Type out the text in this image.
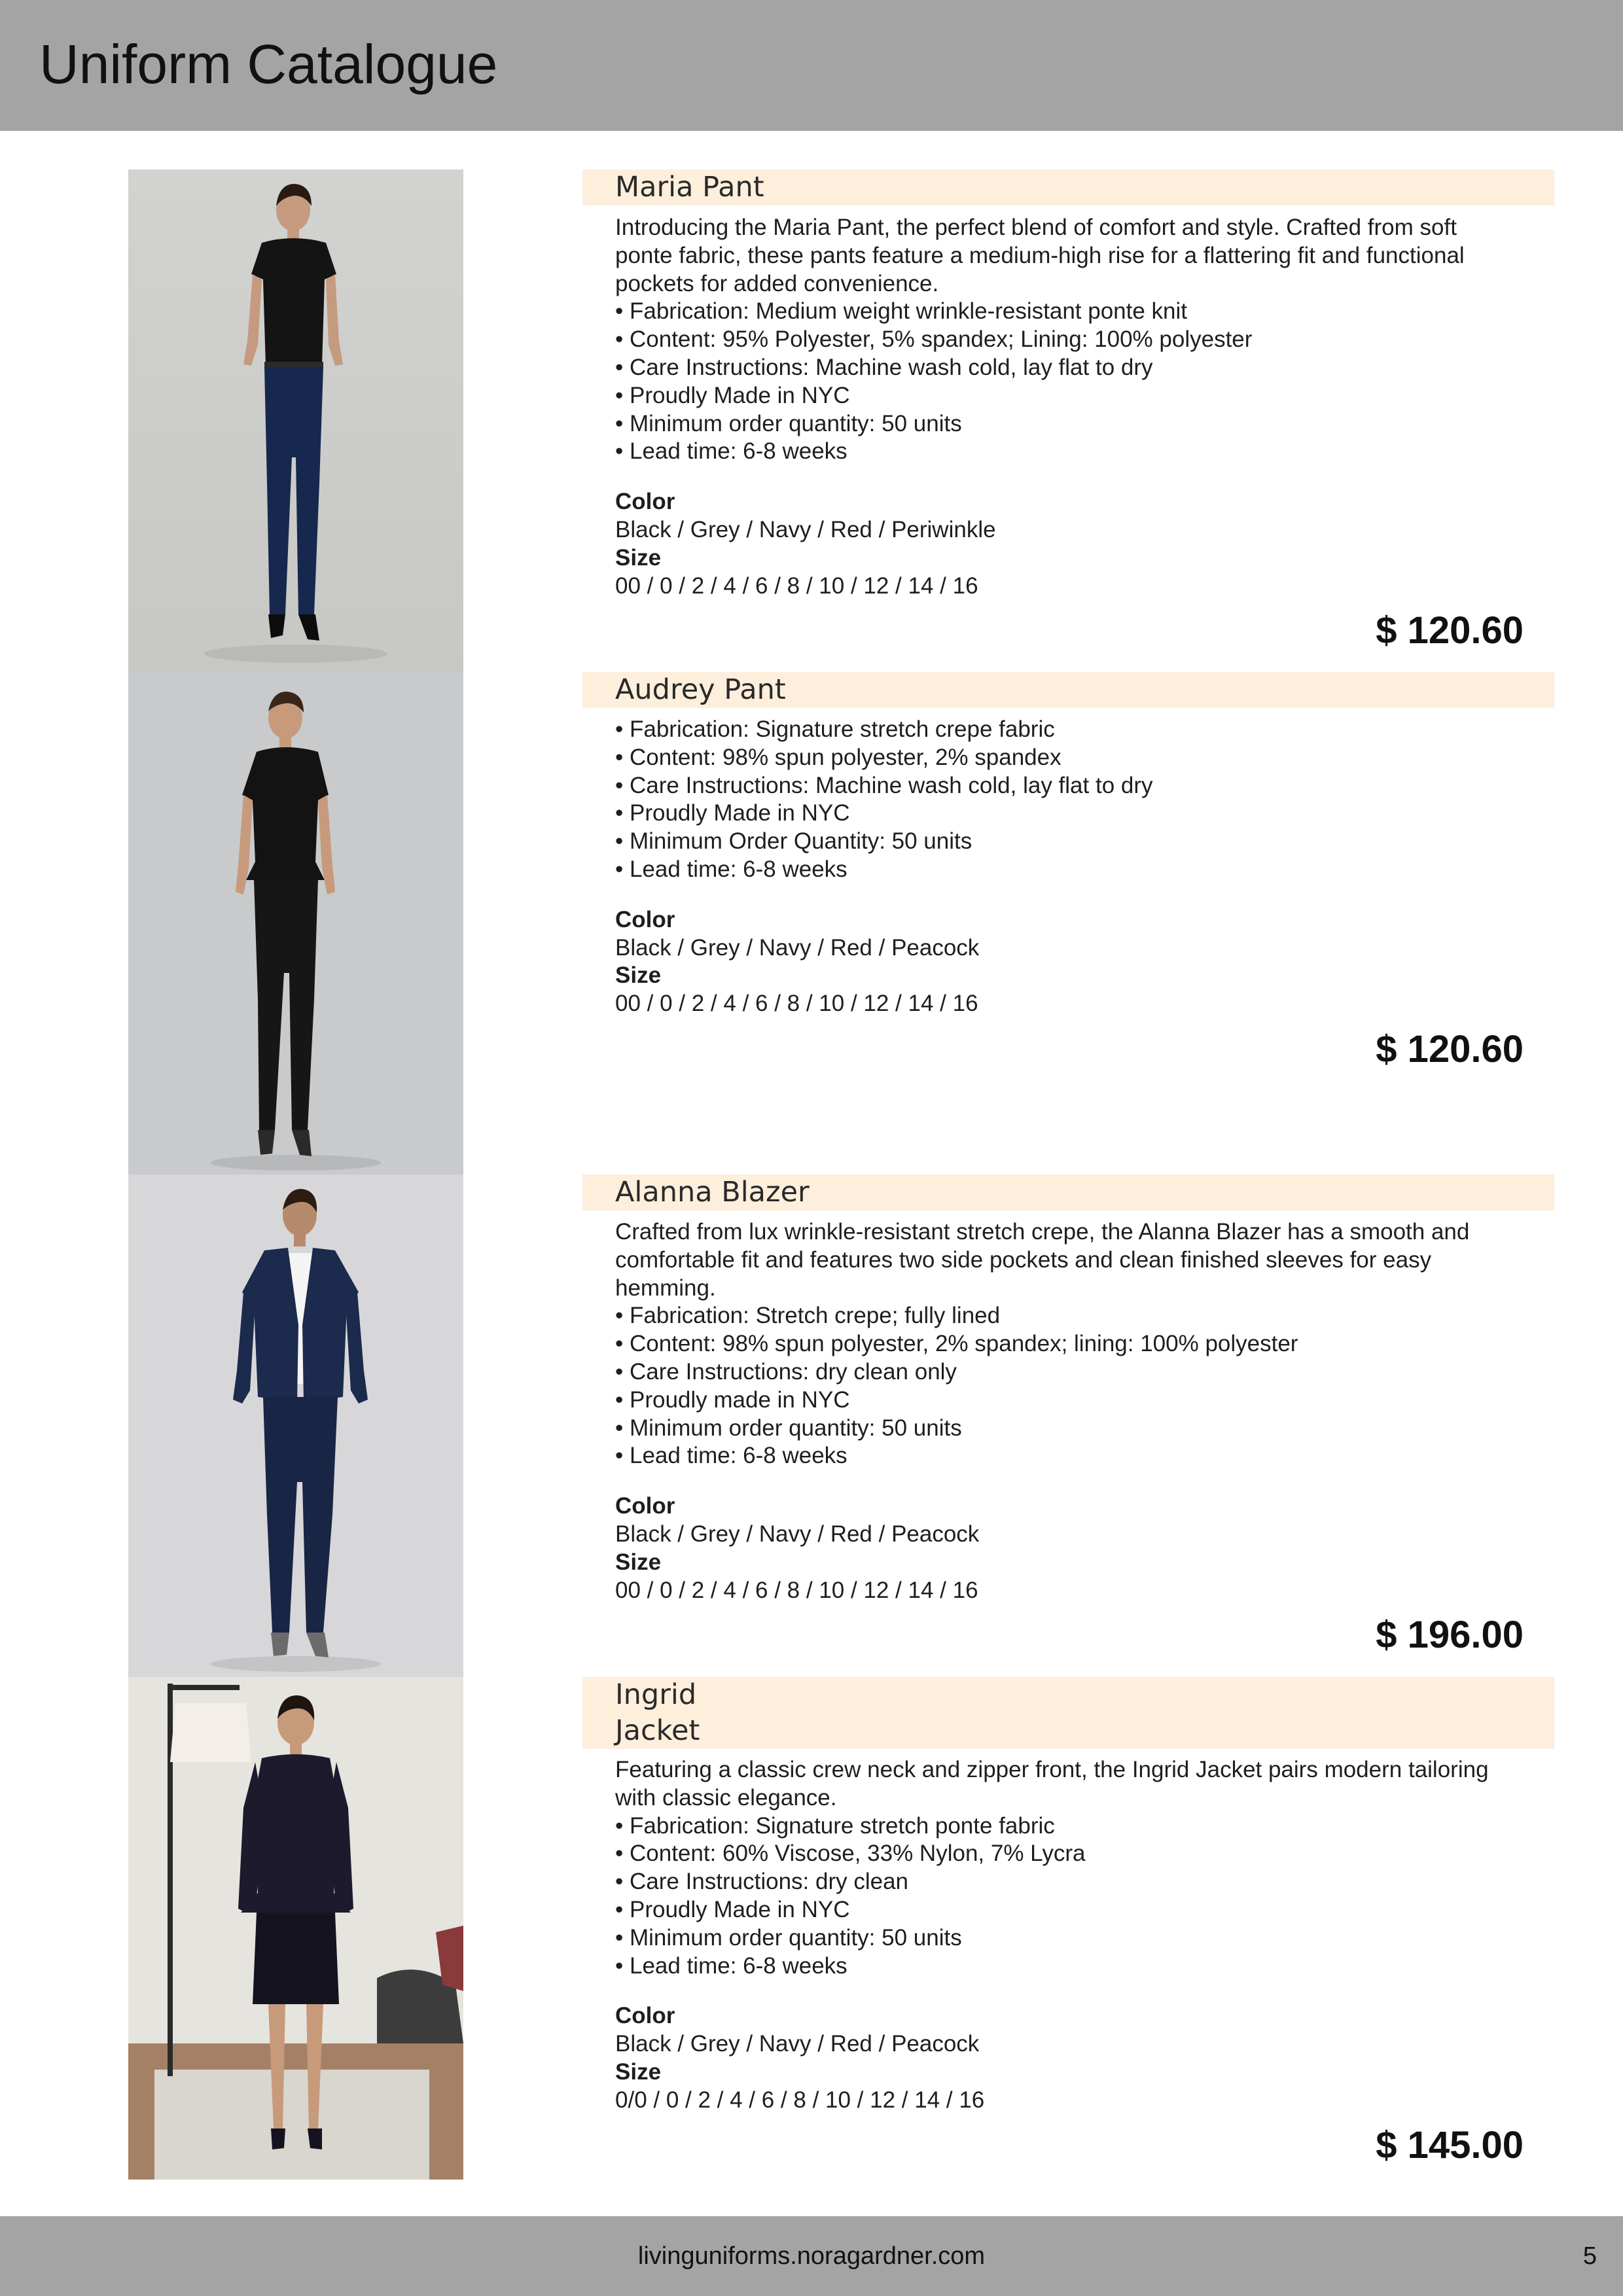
Uniform Catalogue
Maria Pant

Introducing the Maria Pant, the perfect blend of comfort and style. Crafted from soft ponte fabric, these pants feature a medium-high rise for a flattering fit and functional pockets for added convenience.

• Fabrication: Medium weight wrinkle-resistant ponte knit
• Content: 95% Polyester, 5% spandex; Lining: 100% polyester
• Care Instructions: Machine wash cold, lay flat to dry
• Proudly Made in NYC
• Minimum order quantity: 50 units
• Lead time: 6-8 weeks
Color
Black / Grey / Navy / Red / Periwinkle
Size
00 / 0 / 2 / 4 / 6 / 8 / 10 / 12 / 14 / 16
$ 120.60
Audrey Pant
• Fabrication: Signature stretch crepe fabric
• Content: 98% spun polyester, 2% spandex
• Care Instructions: Machine wash cold, lay flat to dry
• Proudly Made in NYC
• Minimum Order Quantity: 50 units
• Lead time: 6-8 weeks
Color
Black / Grey / Navy / Red / Peacock
Size
00 / 0 / 2 / 4 / 6 / 8 / 10 / 12 / 14 / 16
$ 120.60
Alanna Blazer

Crafted from lux wrinkle-resistant stretch crepe, the Alanna Blazer has a smooth and comfortable fit and features two side pockets and clean finished sleeves for easy hemming.

• Fabrication: Stretch crepe; fully lined
• Content: 98% spun polyester, 2% spandex; lining: 100% polyester
• Care Instructions: dry clean only
• Proudly made in NYC
• Minimum order quantity: 50 units
• Lead time: 6-8 weeks
Color
Black / Grey / Navy / Red / Peacock
Size
00 / 0 / 2 / 4 / 6 / 8 / 10 / 12 / 14 / 16
$ 196.00
Ingrid
Jacket

Featuring a classic crew neck and zipper front, the Ingrid Jacket pairs modern tailoring with classic elegance.

• Fabrication: Signature stretch ponte fabric
• Content: 60% Viscose, 33% Nylon, 7% Lycra
• Care Instructions: dry clean
• Proudly Made in NYC
• Minimum order quantity: 50 units
• Lead time: 6-8 weeks
Color
Black / Grey / Navy / Red / Peacock
Size
0/0 / 0 / 2 / 4 / 6 / 8 / 10 / 12 / 14 / 16
$ 145.00
livinguniforms.noragardner.com	5
